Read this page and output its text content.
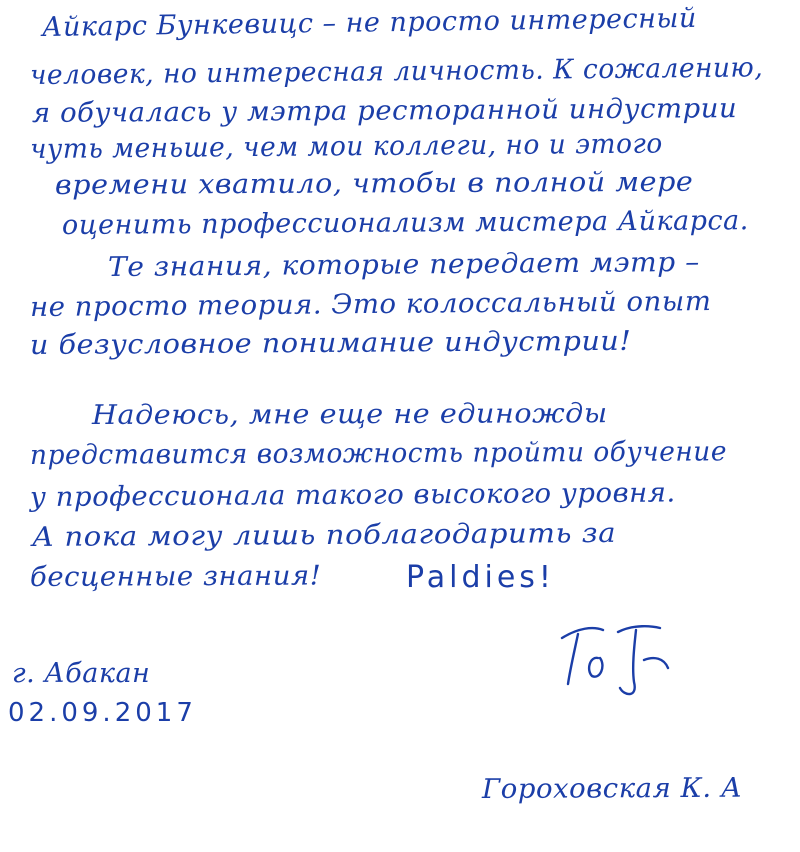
Айкарс Бункевицс – не просто интересный
человек, но интересная личность. К сожалению,
я обучалась у мэтра ресторанной индустрии
чуть меньше, чем мои коллеги, но и этого
времени хватило, чтобы в полной мере
оценить профессионализм мистера Айкарса.
Те знания, которые передает мэтр –
не просто теория. Это колоссальный опыт
и безусловное понимание индустрии!
Надеюсь, мне еще не единожды
представится возможность пройти обучение
у профессионала такого высокого уровня.
А пока могу лишь поблагодарить за
бесценные знания!	Paldies!
г. Абакан
02.09.2017
Гороховская К. А
